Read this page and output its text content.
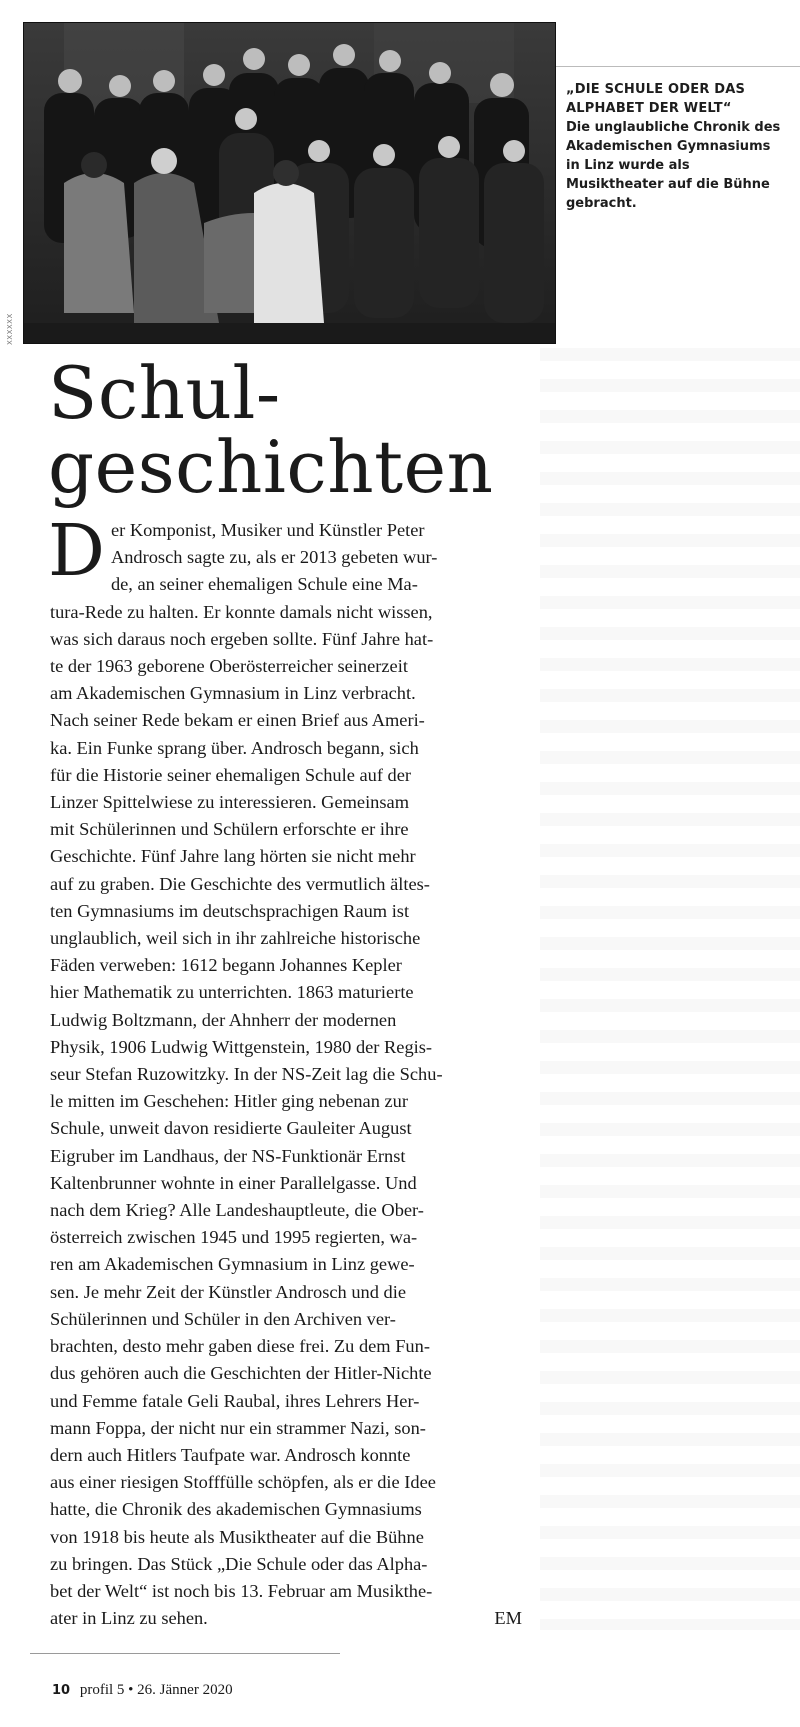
XXXXXX
„DIE SCHULE ODER DAS ALPHABET DER WELT“
Die unglaubliche Chronik des Akademischen Gymnasiums in Linz wurde als Musiktheater auf die Bühne gebracht.
Schul-
geschichten
D er Komponist, Musiker und Künstler Peter
Androsch sagte zu, als er 2013 gebeten wur-
de, an seiner ehemaligen Schule eine Ma-
tura-Rede zu halten. Er konnte damals nicht wissen,
was sich daraus noch ergeben sollte. Fünf Jahre hat-
te der 1963 geborene Oberösterreicher seinerzeit
am Akademischen Gymnasium in Linz verbracht.
Nach seiner Rede bekam er einen Brief aus Ameri-
ka. Ein Funke sprang über. Androsch begann, sich
für die Historie seiner ehemaligen Schule auf der
Linzer Spittelwiese zu interessieren. Gemeinsam
mit Schülerinnen und Schülern erforschte er ihre
Geschichte. Fünf Jahre lang hörten sie nicht mehr
auf zu graben. Die Geschichte des vermutlich ältes-
ten Gymnasiums im deutschsprachigen Raum ist
unglaublich, weil sich in ihr zahlreiche historische
Fäden verweben: 1612 begann Johannes Kepler
hier Mathematik zu unterrichten. 1863 maturierte
Ludwig Boltzmann, der Ahnherr der modernen
Physik, 1906 Ludwig Wittgenstein, 1980 der Regis-
seur Stefan Ruzowitzky. In der NS-Zeit lag die Schu-
le mitten im Geschehen: Hitler ging nebenan zur
Schule, unweit davon residierte Gauleiter August
Eigruber im Landhaus, der NS-Funktionär Ernst
Kaltenbrunner wohnte in einer Parallelgasse. Und
nach dem Krieg? Alle Landeshauptleute, die Ober-
österreich zwischen 1945 und 1995 regierten, wa-
ren am Akademischen Gymnasium in Linz gewe-
sen. Je mehr Zeit der Künstler Androsch und die
Schülerinnen und Schüler in den Archiven ver-
brachten, desto mehr gaben diese frei. Zu dem Fun-
dus gehören auch die Geschichten der Hitler-Nichte
und Femme fatale Geli Raubal, ihres Lehrers Her-
mann Foppa, der nicht nur ein strammer Nazi, son-
dern auch Hitlers Taufpate war. Androsch konnte
aus einer riesigen Stofffülle schöpfen, als er die Idee
hatte, die Chronik des akademischen Gymnasiums
von 1918 bis heute als Musiktheater auf die Bühne
zu bringen. Das Stück „Die Schule oder das Alpha-
bet der Welt“ ist noch bis 13. Februar am Musikthe-
ater in Linz zu sehen.	EM
10 profil 5 • 26. Jänner 2020
